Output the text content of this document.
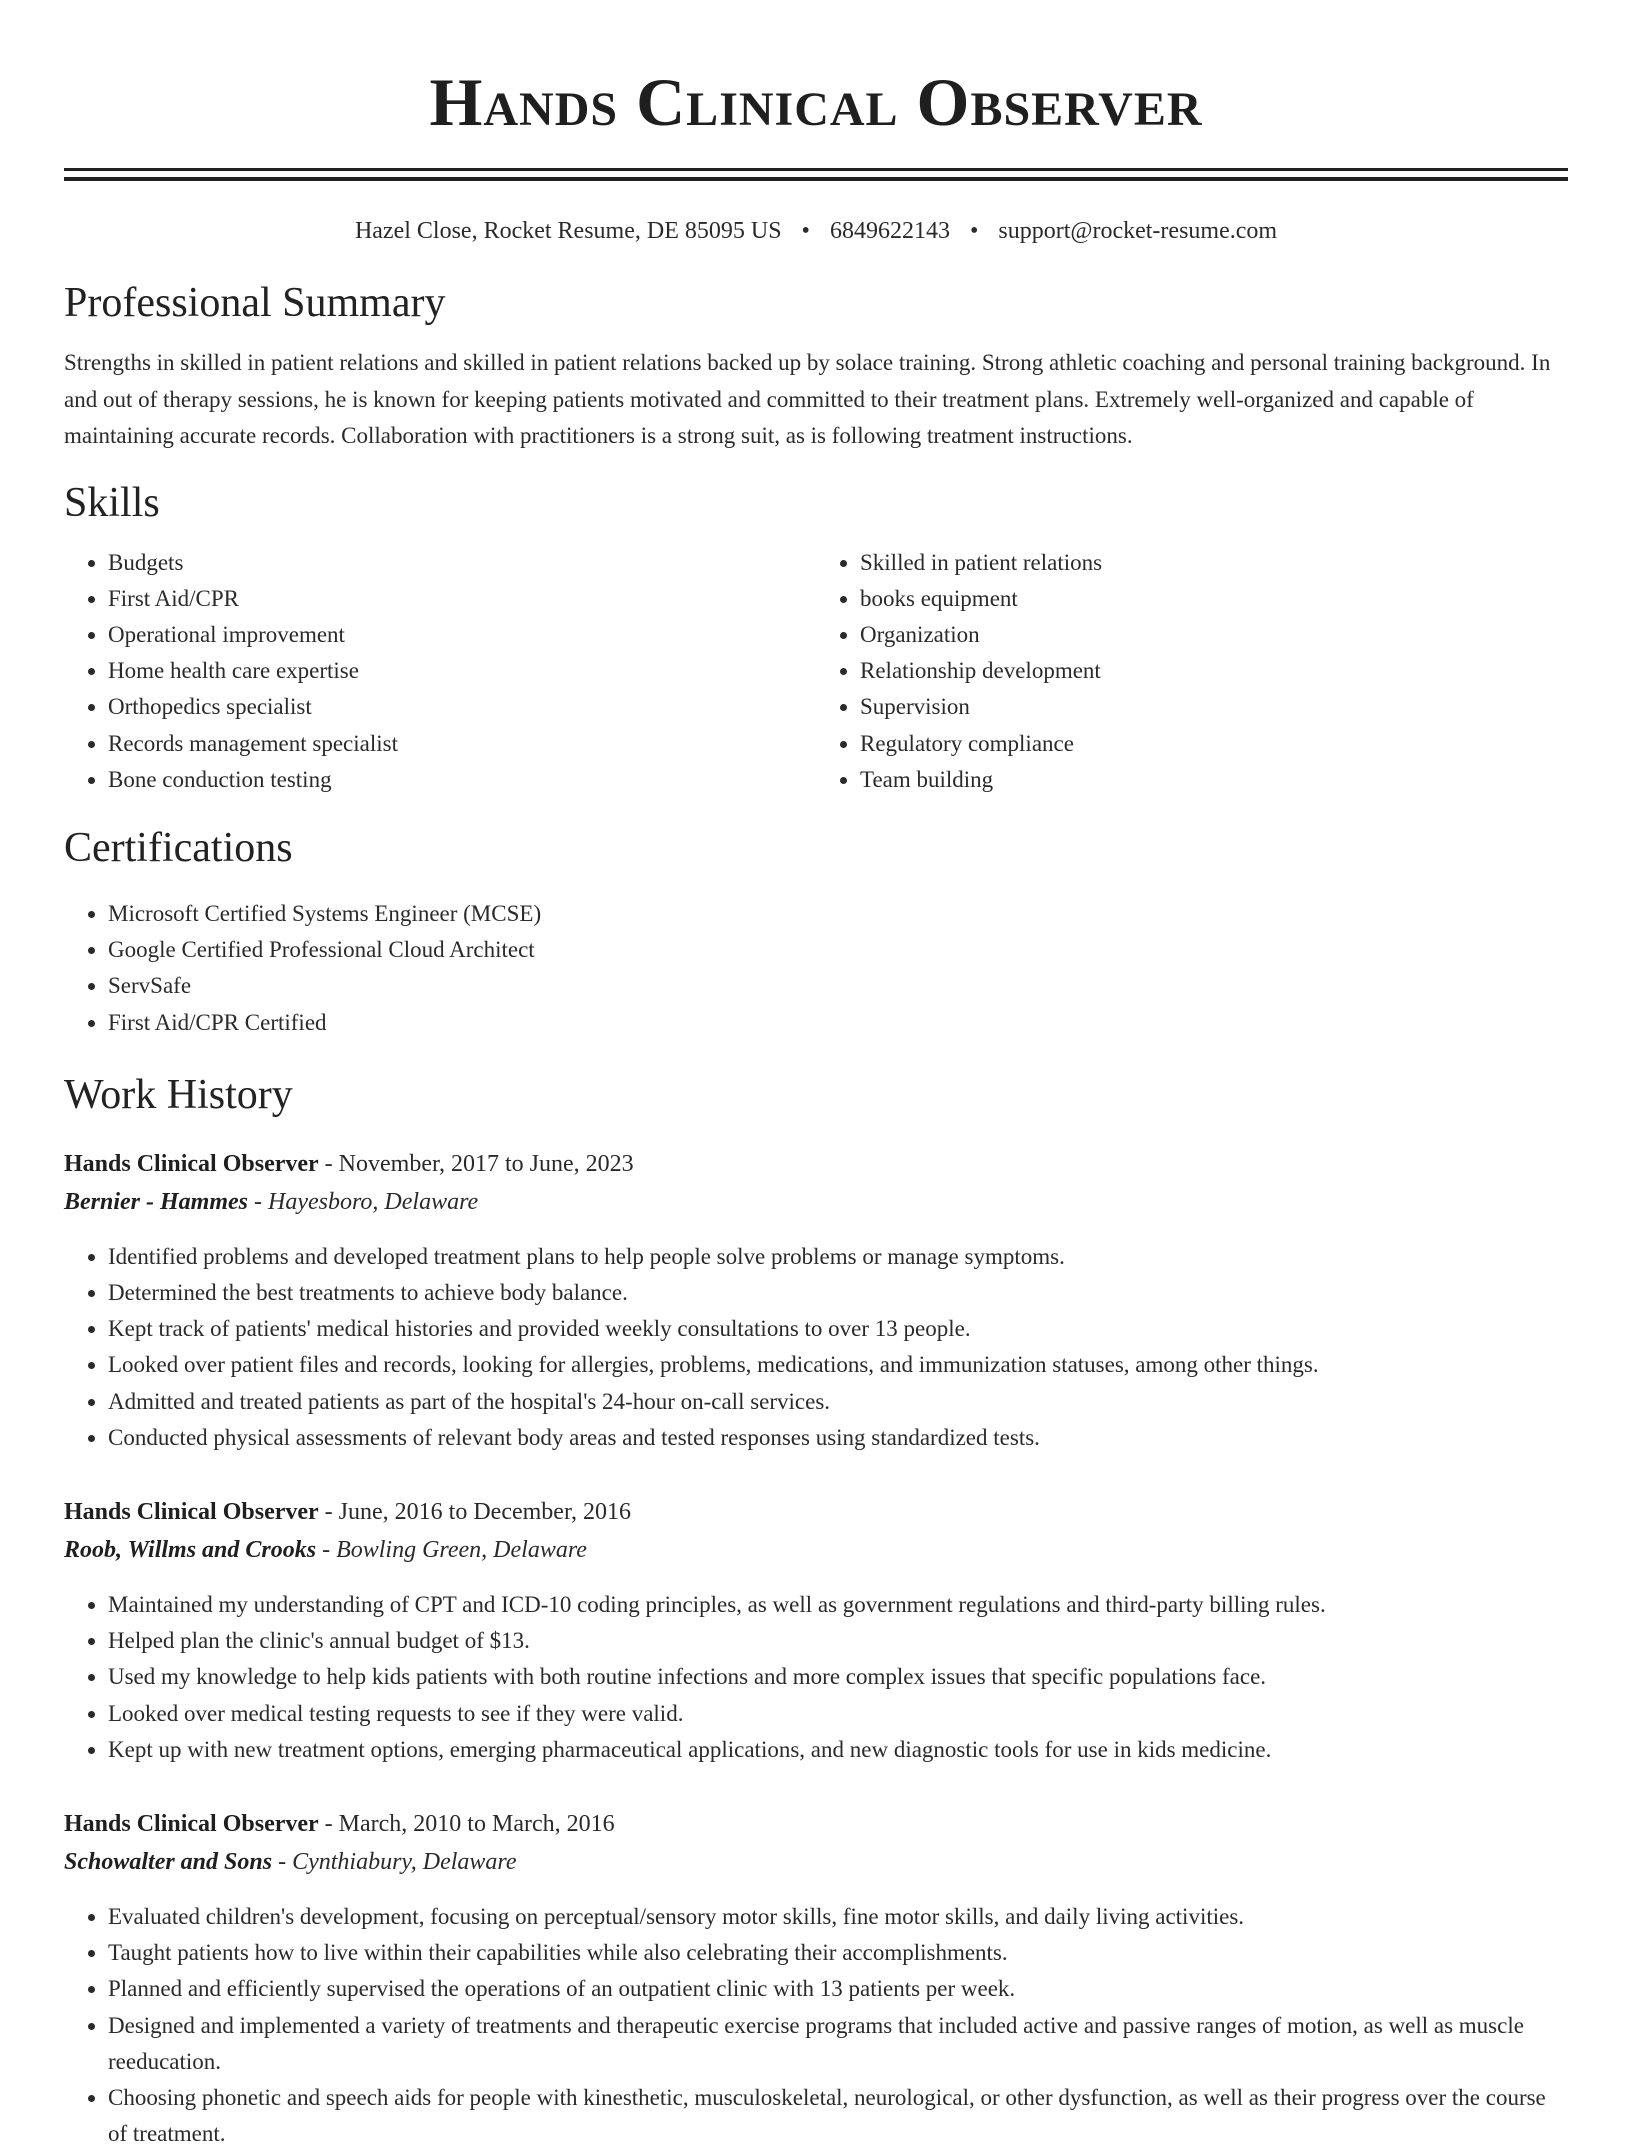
Hands Clinical Observer
Hazel Close, Rocket Resume, DE 85095 US • 6849622143 • support@rocket-resume.com
Professional Summary

Strengths in skilled in patient relations and skilled in patient relations backed up by solace training. Strong athletic coaching and personal training background. In and out of therapy sessions, he is known for keeping patients motivated and committed to their treatment plans. Extremely well-organized and capable of maintaining accurate records. Collaboration with practitioners is a strong suit, as is following treatment instructions.

Skills
• Budgets
• First Aid/CPR
• Operational improvement
• Home health care expertise
• Orthopedics specialist
• Records management specialist
• Bone conduction testing
• Skilled in patient relations
• books equipment
• Organization
• Relationship development
• Supervision
• Regulatory compliance
• Team building
Certifications
• Microsoft Certified Systems Engineer (MCSE)
• Google Certified Professional Cloud Architect
• ServSafe
• First Aid/CPR Certified
Work History
Hands Clinical Observer - November, 2017 to June, 2023
Bernier - Hammes - Hayesboro, Delaware
• Identified problems and developed treatment plans to help people solve problems or manage symptoms.
• Determined the best treatments to achieve body balance.
• Kept track of patients' medical histories and provided weekly consultations to over 13 people.
• Looked over patient files and records, looking for allergies, problems, medications, and immunization statuses, among other things.
• Admitted and treated patients as part of the hospital's 24-hour on-call services.
• Conducted physical assessments of relevant body areas and tested responses using standardized tests.
Hands Clinical Observer - June, 2016 to December, 2016
Roob, Willms and Crooks - Bowling Green, Delaware
• Maintained my understanding of CPT and ICD-10 coding principles, as well as government regulations and third-party billing rules.
• Helped plan the clinic's annual budget of $13.
• Used my knowledge to help kids patients with both routine infections and more complex issues that specific populations face.
• Looked over medical testing requests to see if they were valid.
• Kept up with new treatment options, emerging pharmaceutical applications, and new diagnostic tools for use in kids medicine.
Hands Clinical Observer - March, 2010 to March, 2016
Schowalter and Sons - Cynthiabury, Delaware
• Evaluated children's development, focusing on perceptual/sensory motor skills, fine motor skills, and daily living activities.
• Taught patients how to live within their capabilities while also celebrating their accomplishments.
• Planned and efficiently supervised the operations of an outpatient clinic with 13 patients per week.
• Designed and implemented a variety of treatments and therapeutic exercise programs that included active and passive ranges of motion, as well as muscle reeducation.
• Choosing phonetic and speech aids for people with kinesthetic, musculoskeletal, neurological, or other dysfunction, as well as their progress over the course of treatment.
